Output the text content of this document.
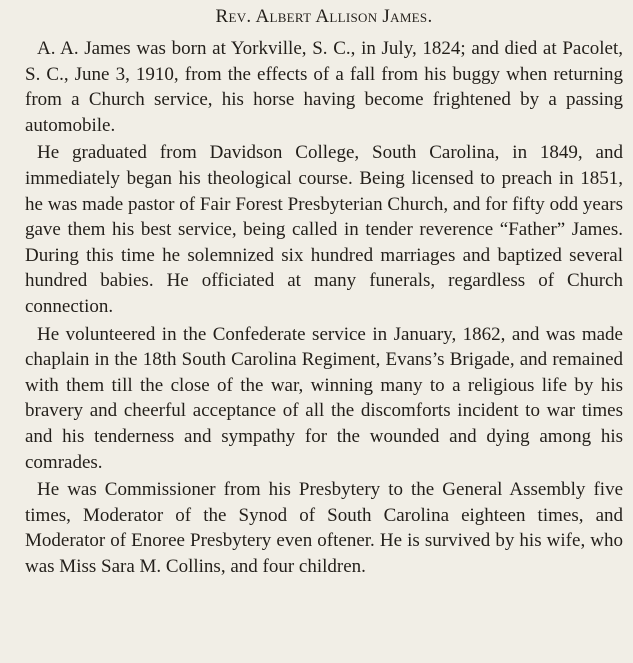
Rev. Albert Allison James.

A. A. James was born at Yorkville, S. C., in July, 1824; and died at Pacolet, S. C., June 3, 1910, from the effects of a fall from his buggy when returning from a Church service, his horse having become frightened by a passing automobile.

He graduated from Davidson College, South Carolina, in 1849, and immediately began his theological course. Being licensed to preach in 1851, he was made pastor of Fair Forest Presbyterian Church, and for fifty odd years gave them his best service, being called in tender reverence “Father” James. During this time he solemnized six hundred marriages and baptized several hundred babies. He officiated at many funerals, regardless of Church connection.

He volunteered in the Confederate service in January, 1862, and was made chaplain in the 18th South Carolina Regiment, Evans’s Brigade, and remained with them till the close of the war, winning many to a religious life by his bravery and cheerful acceptance of all the discomforts incident to war times and his tenderness and sympathy for the wounded and dying among his comrades.

He was Commissioner from his Presbytery to the General Assembly five times, Moderator of the Synod of South Carolina eighteen times, and Moderator of Enoree Presbytery even oftener. He is survived by his wife, who was Miss Sara M. Collins, and four children.
